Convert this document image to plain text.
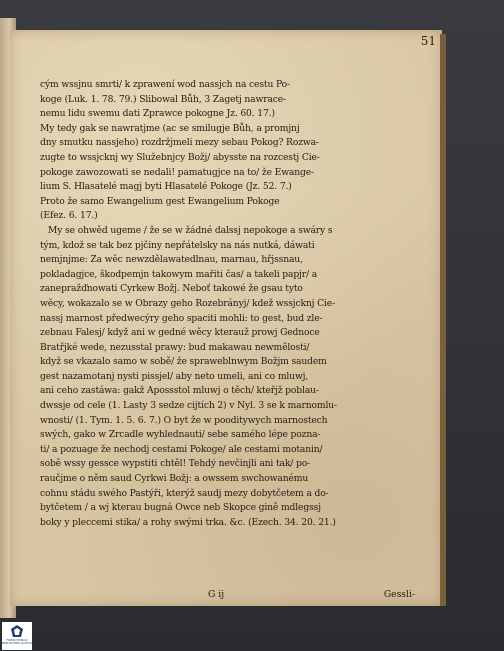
51
cým wssjnu smrti/ k zprawení wod nassjch na cestu Po-
koge (Luk. 1. 78. 79.) Slibowal Bůh, 3 Zagetj nawrace-
nemu lidu swemu dati Zprawce pokogne Jz. 60. 17.)
My tedy gak se nawratjme (ac se smilugje Bůh, a promjnj
dny smutku nassjeho) rozdržjmeli mezy sebau Pokog? Rozwa-
zugte to wssjcknj wy Služebnjcy Božj/ abysste na rozcestj Cie-
pokoge zawozowati se nedali! pamatugjce na to/ že Ewange-
lium S. Hlasatelé magj byti Hlasatelé Pokoge (Jz. 52. 7.)
Proto že samo Ewangelium gest Ewangelium Pokoge
(Efez. 6. 17.)
My se ohwěd ugeme / že se w žádné dalssj nepokoge a swáry s
tým, kdož se tak bez pjčiny nepřátelsky na nás nutká, dáwati
nemjnjme: Za wěc newzdělawatedlnau, marnau, hřjssnau,
pokladagjce, škodpemjn takowym mařiti čas/ a takeli papjr/ a
zanepražďnowati Cyrkew Božj. Neboť takowé že gsau tyto
wěcy, wokazalo se w Obrazy geho Rozebrányj/ kdež wssjcknj Cie-
nassj marnost předwecýry geho spaciti mohli: to gest, bud zle-
zebnau Falesj/ když ani w gedné wěcy kterauž prowj Gednoce
Bratřjké wede, nezusstal prawy: bud makawau newmělosti/
když se vkazalo samo w sobě/ že spraweblnwym Božjm saudem
gest nazamotanj nysti pissjel/ aby neto umeli, ani co mluwj,
ani ceho zastáwa: gakž Apossstol mluwj o těch/ kteřjž poblau-
dwssje od cele (1. Lasty 3 sedze cijtích 2) v Nyl. 3 se k marnomlu-
wnosti/ (1. Tym. 1. 5. 6. 7.) O byt že w pooditywych marnostech
swých, gako w Zrcadle wyhlednauti/ sebe samého lépe pozna-
ti/ a pozuage že nechodj cestami Pokoge/ ale cestami motanin/
sobě wssy gessce wypstiti chtěl! Tehdý nevčinjli ani tak/ po-
raučjme o něm saud Cyrkwi Božj: a owssem swchowanému
cohnu stádu swého Pastýři, kterýž saudj mezy dobytčetem a do-
bytčetem / a wj kterau bugná Owce neb Skopce gině mdlegssj
boky y pleccemi stika/ a rohy swými trka. &c. (Ezech. 34. 20. 21.)
G ij	Gessli-
FORSCHUNGS BIBLIOTHEK GOTHA
